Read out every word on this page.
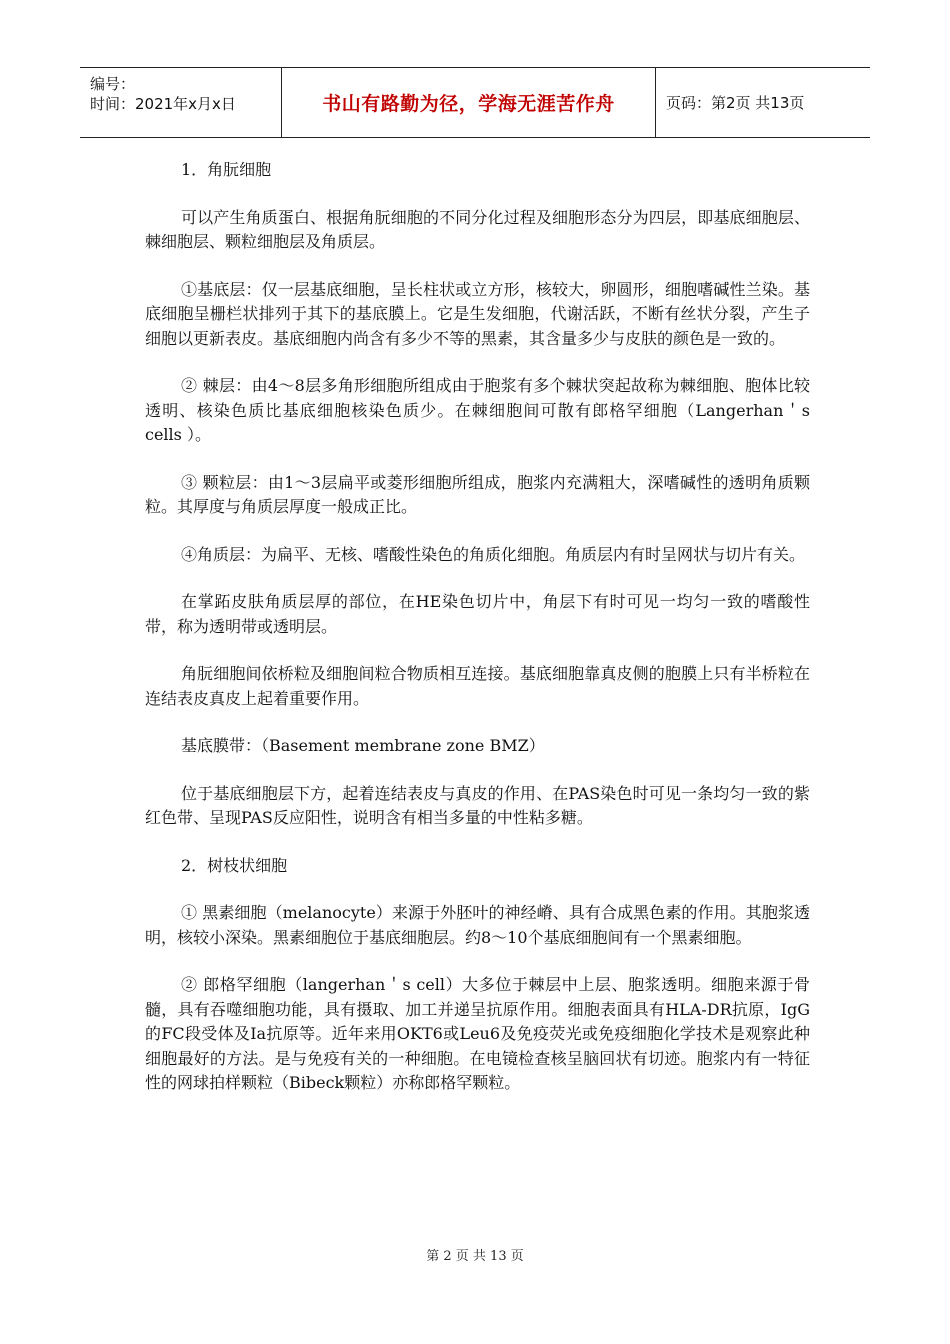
编号：
时间：2021年x月x日	书山有路勤为径，学海无涯苦作舟	页码：第2页 共13页

1．角朊细胞

可以产生角质蛋白、根据角朊细胞的不同分化过程及细胞形态分为四层，即基底细胞层、棘细胞层、颗粒细胞层及角质层。

①基底层：仅一层基底细胞，呈长柱状或立方形，核较大，卵圆形，细胞嗜碱性兰染。基底细胞呈栅栏状排列于其下的基底膜上。它是生发细胞，代谢活跃，不断有丝状分裂，产生子细胞以更新表皮。基底细胞内尚含有多少不等的黑素，其含量多少与皮肤的颜色是一致的。

② 棘层：由4～8层多角形细胞所组成由于胞浆有多个棘状突起故称为棘细胞、胞体比较透明、核染色质比基底细胞核染色质少。在棘细胞间可散有郎格罕细胞（Langerhan＇s cells ）。

③ 颗粒层：由1～3层扁平或菱形细胞所组成，胞浆内充满粗大，深嗜碱性的透明角质颗粒。其厚度与角质层厚度一般成正比。

④角质层：为扁平、无核、嗜酸性染色的角质化细胞。角质层内有时呈网状与切片有关。

在掌跖皮肤角质层厚的部位，在HE染色切片中，角层下有时可见一均匀一致的嗜酸性带，称为透明带或透明层。

角朊细胞间依桥粒及细胞间粒合物质相互连接。基底细胞靠真皮侧的胞膜上只有半桥粒在连结表皮真皮上起着重要作用。

基底膜带：（Basement membrane zone BMZ）

位于基底细胞层下方，起着连结表皮与真皮的作用、在PAS染色时可见一条均匀一致的紫红色带、呈现PAS反应阳性，说明含有相当多量的中性粘多糖。

2．树枝状细胞

① 黑素细胞（melanocyte）来源于外胚叶的神经嵴、具有合成黑色素的作用。其胞浆透明，核较小深染。黑素细胞位于基底细胞层。约8～10个基底细胞间有一个黑素细胞。

② 郎格罕细胞（langerhan＇s cell）大多位于棘层中上层、胞浆透明。细胞来源于骨髓，具有吞噬细胞功能，具有摄取、加工并递呈抗原作用。细胞表面具有HLA-DR抗原，IgG的FC段受体及Ia抗原等。近年来用OKT6或Leu6及免疫荧光或免疫细胞化学技术是观察此种细胞最好的方法。是与免疫有关的一种细胞。在电镜检查核呈脑回状有切迹。胞浆内有一特征性的网球拍样颗粒（Bibeck颗粒）亦称郎格罕颗粒。

第 2 页 共 13 页
